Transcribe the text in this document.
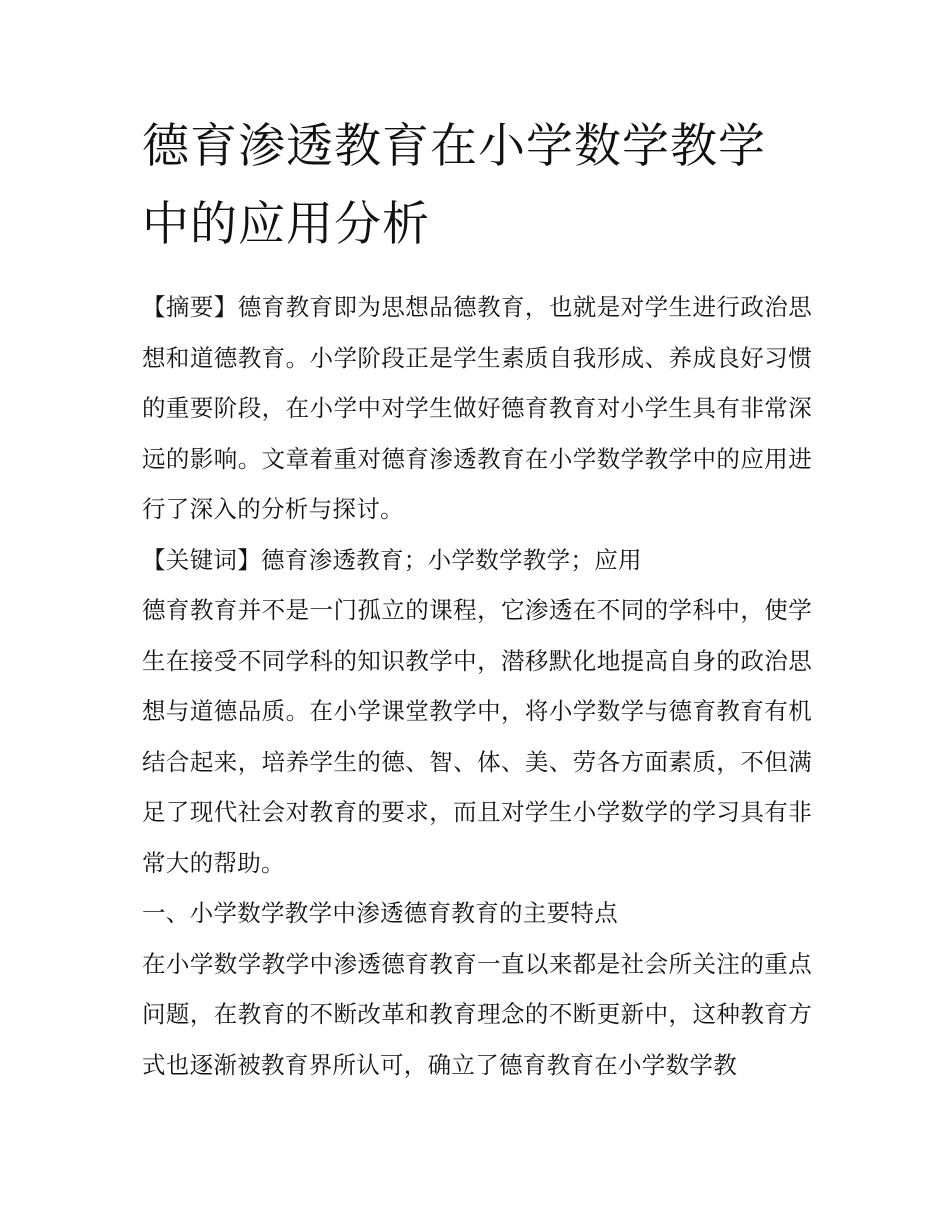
德育渗透教育在小学数学教学中的应用分析

【摘要】德育教育即为思想品德教育，也就是对学生进行政治思想和道德教育。小学阶段正是学生素质自我形成、养成良好习惯的重要阶段，在小学中对学生做好德育教育对小学生具有非常深远的影响。文章着重对德育渗透教育在小学数学教学中的应用进行了深入的分析与探讨。

【关键词】德育渗透教育；小学数学教学；应用

德育教育并不是一门孤立的课程，它渗透在不同的学科中，使学生在接受不同学科的知识教学中，潜移默化地提高自身的政治思想与道德品质。在小学课堂教学中，将小学数学与德育教育有机结合起来，培养学生的德、智、体、美、劳各方面素质，不但满足了现代社会对教育的要求，而且对学生小学数学的学习具有非常大的帮助。

一、小学数学教学中渗透德育教育的主要特点

在小学数学教学中渗透德育教育一直以来都是社会所关注的重点问题，在教育的不断改革和教育理念的不断更新中，这种教育方式也逐渐被教育界所认可，确立了德育教育在小学数学教
